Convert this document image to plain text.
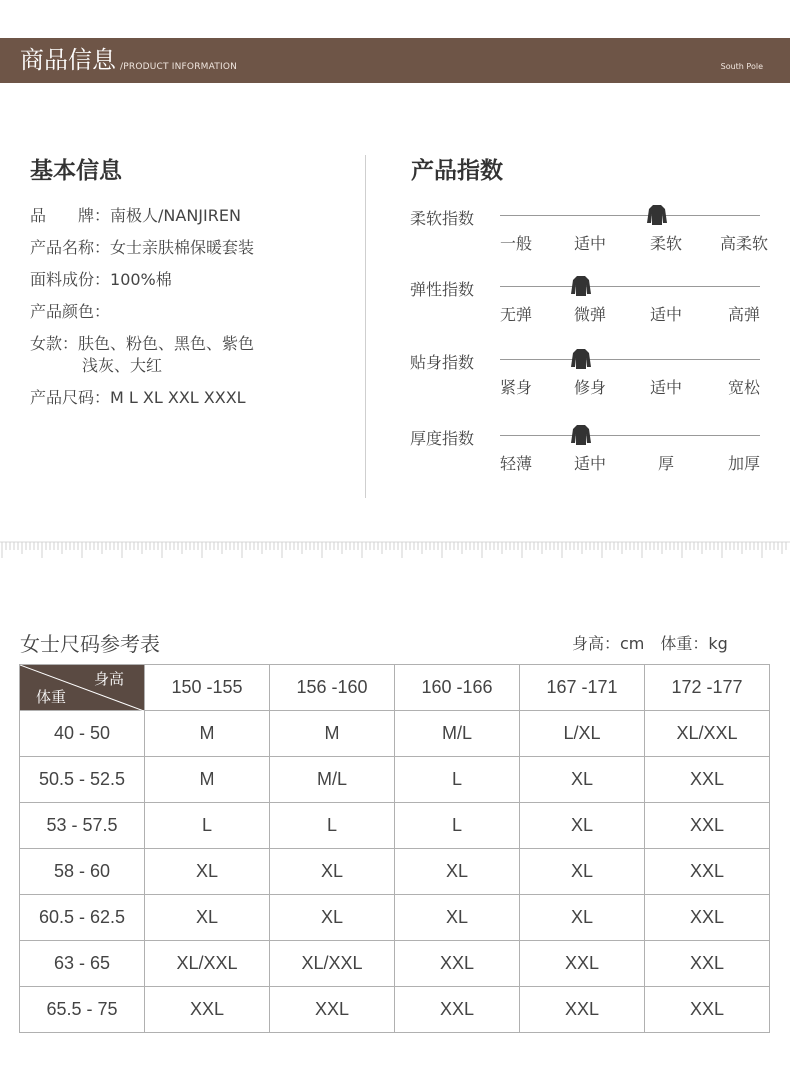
商品信息 /PRODUCT INFORMATION	South Pole
基本信息
品　　牌：南极人/NANJIREN
产品名称：女士亲肤棉保暖套装
面料成份：100%棉
产品颜色：
女款：肤色、粉色、黑色、紫色
浅灰、大红
产品尺码：M L XL XXL XXXL
产品指数
柔软指数
一般	适中	柔软 高柔软
弹性指数
无弹	微弹	适中	高弹
贴身指数
紧身	修身	适中	宽松
厚度指数
轻薄	适中	厚	加厚
女士尺码参考表	身高：cm 体重：kg
身高
体重	150 -155	156 -160	160 -166	167 -171	172 -177
40 - 50	M	M	M/L	L/XL	XL/XXL
50.5 - 52.5	M	M/L	L	XL	XXL
53 - 57.5	L	L	L	XL	XXL
58 - 60	XL	XL	XL	XL	XXL
60.5 - 62.5	XL	XL	XL	XL	XXL
63 - 65	XL/XXL	XL/XXL	XXL	XXL	XXL
65.5 - 75	XXL	XXL	XXL	XXL	XXL
